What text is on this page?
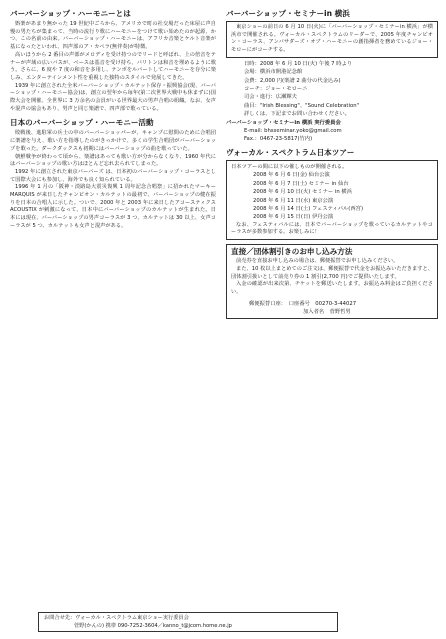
バーバーショップ・ハーモニーとは

娯楽があまり無かった 19 世紀中ごろから、アメリカで町の社交場だった床屋に声自慢の男たちが集まって、当時の流行り歌にハーモニーをつけて歌い始めたのが起源、かつ、この名前の由来。バーバーショップ・ハーモニーは、アフリカ音楽とケルト音楽が基になったといわれ、四声部のア・カペラ(無伴奏)が特徴。

高いほうから 2 番目の声部がメロディを受け持つのでリードと呼ばれ、上の倍音をテナーが声域の広いバスが、ベースは基音を受け持ち、バリトンは和音を埋めるように歌う。さらに、6 度や 7 度の和音を多用し、テンポをルバートしてハーモニーを存分に楽しみ、エンターテインメント性を重視した独特のスタイルで発展してきた。

1939 年に創立された全米バーバーショップ・カルテット保存・振興協会(現、バーバーショップ・ハーモニー協会)は、創立の翌年から毎年(第二次世界大戦中も休まずに)国際大会を開催。全世界に 3 万余名の会員がいる世界最大の男声合唱の組織。なお、女声や混声の協会もあり、男声と同じ楽譜で、四声部で歌っている。

日本のバーバーショップ・ハーモニー活動

敗戦後、進駐軍の兵士の中のバーバーショッパーが、キャンプに慰問のために合唱団に楽譜を与え、歌い方を指導したのがきっかけで、多くの学生合唱団がバーバーショップを歌った。ダークダックスも初期にはバーバーショップの曲を歌っていた。

朝鮮戦争が終わって頃から、楽譜はあっても歌い方が分からなくなり、1960 年代にはバーバーショップの歌い方はほとんど忘れ去られてしまった。

1992 年に創立された東京バーバーズ は、日本初のバーバーショップ・コーラスとして国際大会にも参加し、海外でも良く知られている。

1996 年 1 月の「阪神・淡路島大震災復興 1 周年記念合唱祭」に招かれたマーキー MARQUIS が来日したチャンピオン・カルテットの最初で、バーバーショップの健在振りを日本の合唱人に示した。ついで、2000 年と 2003 年に来日したアコースティクス ACOUSTIX が刺激になって、日本中にバーバーショップのカルテットが生まれた。日本には現在、バーバーショップの男声コーラスが 3 つ、カルテットは 30 以上、女声コーラスが 5 つ、カルテットも女声と混声がある。

バーバーショップ・セミナーin 横浜

東京ショーの前日の 6 月 10 日(火)に「バーバーショップ・セミナーin 横浜」が横浜市で開催される。ヴォーカル・スペクトラムのリーダーで、2005 年度チャンピオン・コーラス、アンバサダーズ・オブ・ハーモニーの創指揮者を務めているジョー・モローにがコーチする。

日時：2008 年 6 月 10 日(火) 午後 7 時より
会場：横浜市開港記念館
会費：2,000 円(楽譜 2 曲分の代金込み)
コーチ：ジョー・モローニ
司会・進行：広瀬輝夫
曲目："Irish Blessing"、"Sound Celebration"
詳しくは、下記までお問い合わせください。
バーバーショップ・セミナーin 横浜 実行委員会
E-mail: bhsseminar.yoko@gmail.com
Fax.：0467-23-5817(竹内)
ヴォーカル・スペクトラム日本ツアー
日本ツアーの間に以下の催しものが開催される。
2008 年 6 月 6 日(金) 仙台公演
2008 年 6 月 7 日(土) セミナー in 仙台
2008 年 6 月 10 日(火) セミナー in 横浜
2008 年 6 月 11 日(水) 東京公演
2008 年 6 月 14 日(土) フェスティバル(西宮)
2008 年 6 月 15 日(日) 伊丹公演

なお、フェスティバルには、日本でバーバーショップを歌っているカルテットやコーラスが多数参加する。お楽しみに！

直接／団体割引きのお申し込み方法

前売券を直接お申し込みの場合は、郵便振替でお申し込みください。

また、10 枚以上まとめてのご注文は、郵便振替で代金をお振込みいただきますと、団体割引扱いとして前売り券の 1 割引(2,700 円)でご提供いたします。

入金の確認が出来次第、チケットを郵送いたします。お振込み料金はご負担ください。

郵便振替口座：　口座番号　00270-3-44027
加入者名　菅野哲男
お問合せ先：ヴォーカル・スペクトラム東京ショー実行委員会
菅野(かんの) 携帯 090-7252-3604／kanno_t@jcom.home.ne.jp
